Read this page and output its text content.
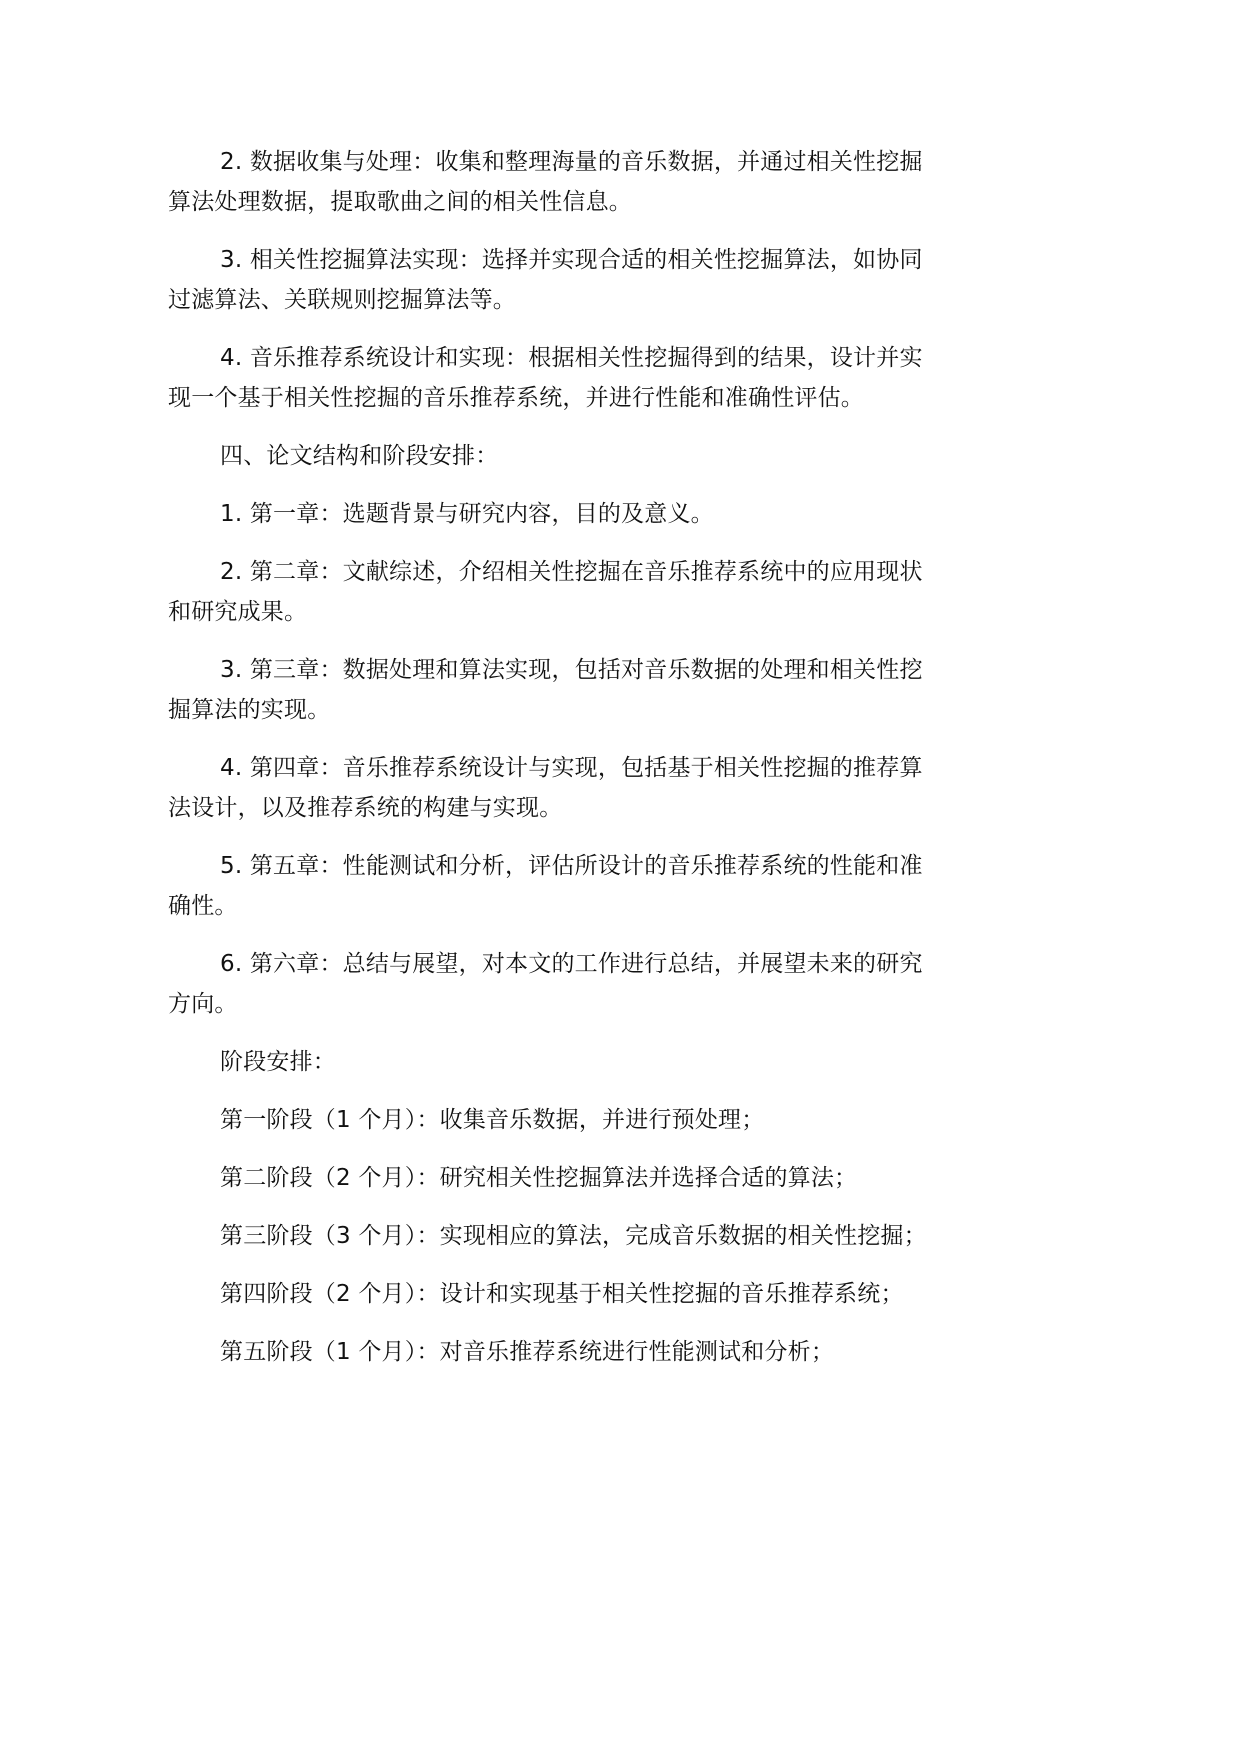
2. 数据收集与处理：收集和整理海量的音乐数据，并通过相关性挖掘算法处理数据，提取歌曲之间的相关性信息。

3. 相关性挖掘算法实现：选择并实现合适的相关性挖掘算法，如协同过滤算法、关联规则挖掘算法等。

4. 音乐推荐系统设计和实现：根据相关性挖掘得到的结果，设计并实现一个基于相关性挖掘的音乐推荐系统，并进行性能和准确性评估。

四、论文结构和阶段安排：

1. 第一章：选题背景与研究内容，目的及意义。

2. 第二章：文献综述，介绍相关性挖掘在音乐推荐系统中的应用现状和研究成果。

3. 第三章：数据处理和算法实现，包括对音乐数据的处理和相关性挖掘算法的实现。

4. 第四章：音乐推荐系统设计与实现，包括基于相关性挖掘的推荐算法设计，以及推荐系统的构建与实现。

5. 第五章：性能测试和分析，评估所设计的音乐推荐系统的性能和准确性。

6. 第六章：总结与展望，对本文的工作进行总结，并展望未来的研究方向。

阶段安排：

第一阶段（1 个月）：收集音乐数据，并进行预处理；

第二阶段（2 个月）：研究相关性挖掘算法并选择合适的算法；

第三阶段（3 个月）：实现相应的算法，完成音乐数据的相关性挖掘；

第四阶段（2 个月）：设计和实现基于相关性挖掘的音乐推荐系统；

第五阶段（1 个月）：对音乐推荐系统进行性能测试和分析；
